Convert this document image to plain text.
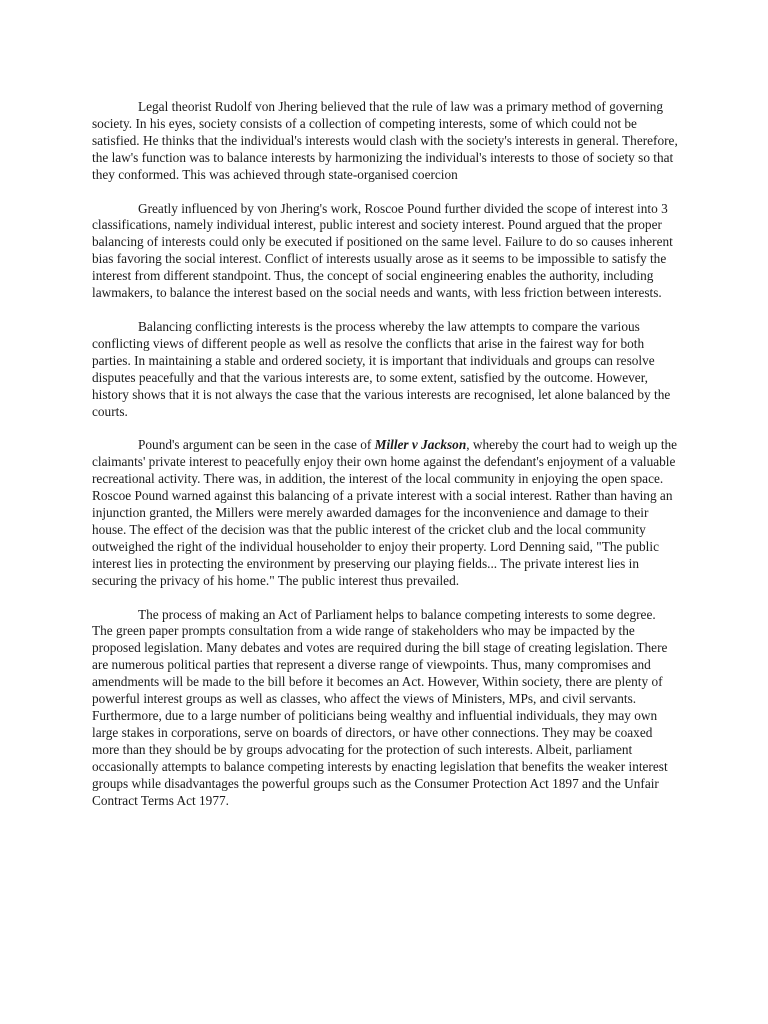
Legal theorist Rudolf von Jhering believed that the rule of law was a primary method of governing society. In his eyes, society consists of a collection of competing interests, some of which could not be satisfied. He thinks that the individual's interests would clash with the society's interests in general. Therefore, the law's function was to balance interests by harmonizing the individual's interests to those of society so that they conformed. This was achieved through state-organised coercion

Greatly influenced by von Jhering's work, Roscoe Pound further divided the scope of interest into 3 classifications, namely individual interest, public interest and society interest. Pound argued that the proper balancing of interests could only be executed if positioned on the same level. Failure to do so causes inherent bias favoring the social interest. Conflict of interests usually arose as it seems to be impossible to satisfy the interest from different standpoint. Thus, the concept of social engineering enables the authority, including lawmakers, to balance the interest based on the social needs and wants, with less friction between interests.

Balancing conflicting interests is the process whereby the law attempts to compare the various conflicting views of different people as well as resolve the conflicts that arise in the fairest way for both parties. In maintaining a stable and ordered society, it is important that individuals and groups can resolve disputes peacefully and that the various interests are, to some extent, satisfied by the outcome. However, history shows that it is not always the case that the various interests are recognised, let alone balanced by the courts.

Pound's argument can be seen in the case of Miller v Jackson, whereby the court had to weigh up the claimants' private interest to peacefully enjoy their own home against the defendant's enjoyment of a valuable recreational activity. There was, in addition, the interest of the local community in enjoying the open space. Roscoe Pound warned against this balancing of a private interest with a social interest. Rather than having an injunction granted, the Millers were merely awarded damages for the inconvenience and damage to their house. The effect of the decision was that the public interest of the cricket club and the local community outweighed the right of the individual householder to enjoy their property. Lord Denning said, "The public interest lies in protecting the environment by preserving our playing fields... The private interest lies in securing the privacy of his home." The public interest thus prevailed.

The process of making an Act of Parliament helps to balance competing interests to some degree. The green paper prompts consultation from a wide range of stakeholders who may be impacted by the proposed legislation. Many debates and votes are required during the bill stage of creating legislation. There are numerous political parties that represent a diverse range of viewpoints. Thus, many compromises and amendments will be made to the bill before it becomes an Act. However, Within society, there are plenty of powerful interest groups as well as classes, who affect the views of Ministers, MPs, and civil servants. Furthermore, due to a large number of politicians being wealthy and influential individuals, they may own large stakes in corporations, serve on boards of directors, or have other connections. They may be coaxed more than they should be by groups advocating for the protection of such interests. Albeit, parliament occasionally attempts to balance competing interests by enacting legislation that benefits the weaker interest groups while disadvantages the powerful groups such as the Consumer Protection Act 1897 and the Unfair Contract Terms Act 1977.
